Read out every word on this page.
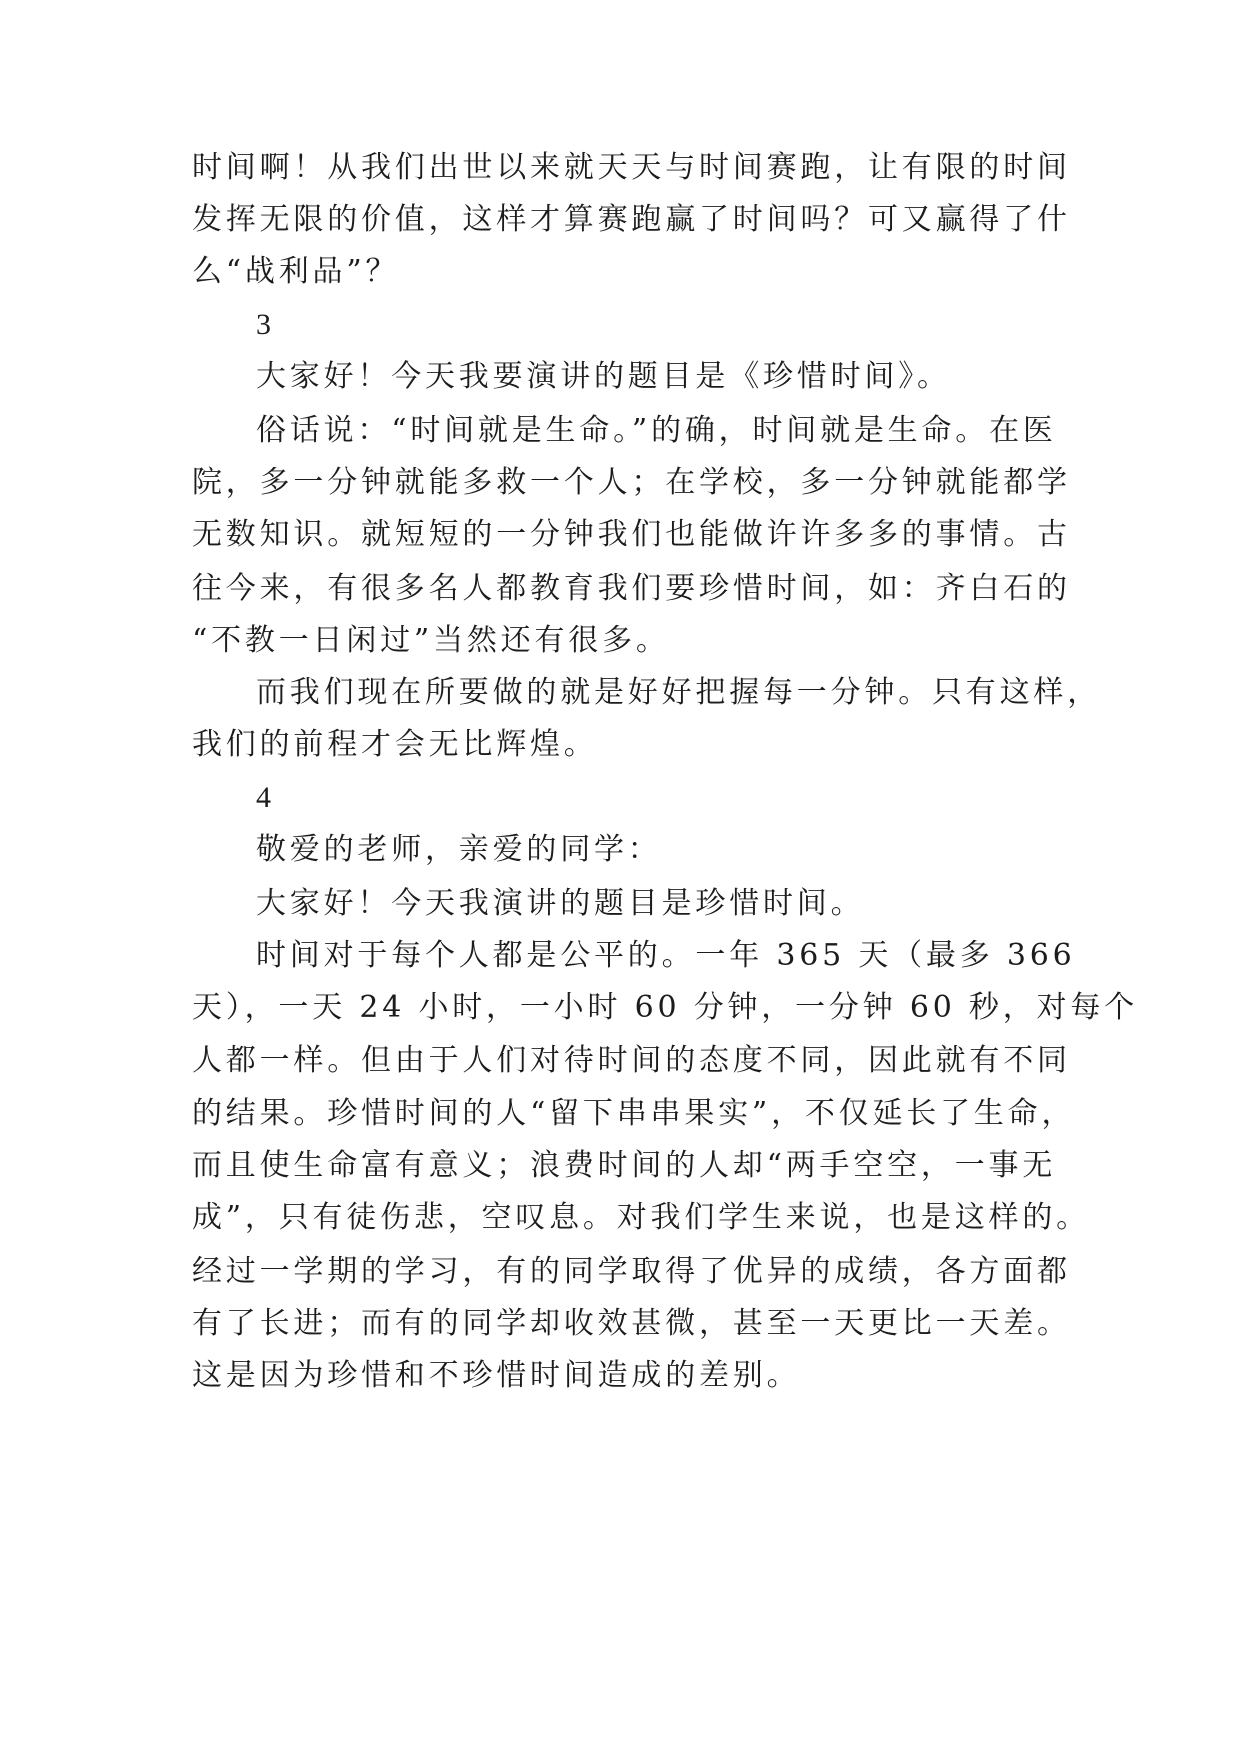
时间啊！从我们出世以来就天天与时间赛跑，让有限的时间

发挥无限的价值，这样才算赛跑赢了时间吗？可又赢得了什

么“战利品”？

3

大家好！今天我要演讲的题目是《珍惜时间》。

俗话说：“时间就是生命。”的确，时间就是生命。在医

院，多一分钟就能多救一个人；在学校，多一分钟就能都学

无数知识。就短短的一分钟我们也能做许许多多的事情。古

往今来，有很多名人都教育我们要珍惜时间，如：齐白石的

“不教一日闲过”当然还有很多。

而我们现在所要做的就是好好把握每一分钟。只有这样，

我们的前程才会无比辉煌。

4

敬爱的老师，亲爱的同学：

大家好！今天我演讲的题目是珍惜时间。

时间对于每个人都是公平的。一年 365 天（最多 366

天），一天 24 小时，一小时 60 分钟，一分钟 60 秒，对每个

人都一样。但由于人们对待时间的态度不同，因此就有不同

的结果。珍惜时间的人“留下串串果实”，不仅延长了生命，

而且使生命富有意义；浪费时间的人却“两手空空，一事无

成”，只有徒伤悲，空叹息。对我们学生来说，也是这样的。

经过一学期的学习，有的同学取得了优异的成绩，各方面都

有了长进；而有的同学却收效甚微，甚至一天更比一天差。

这是因为珍惜和不珍惜时间造成的差别。
